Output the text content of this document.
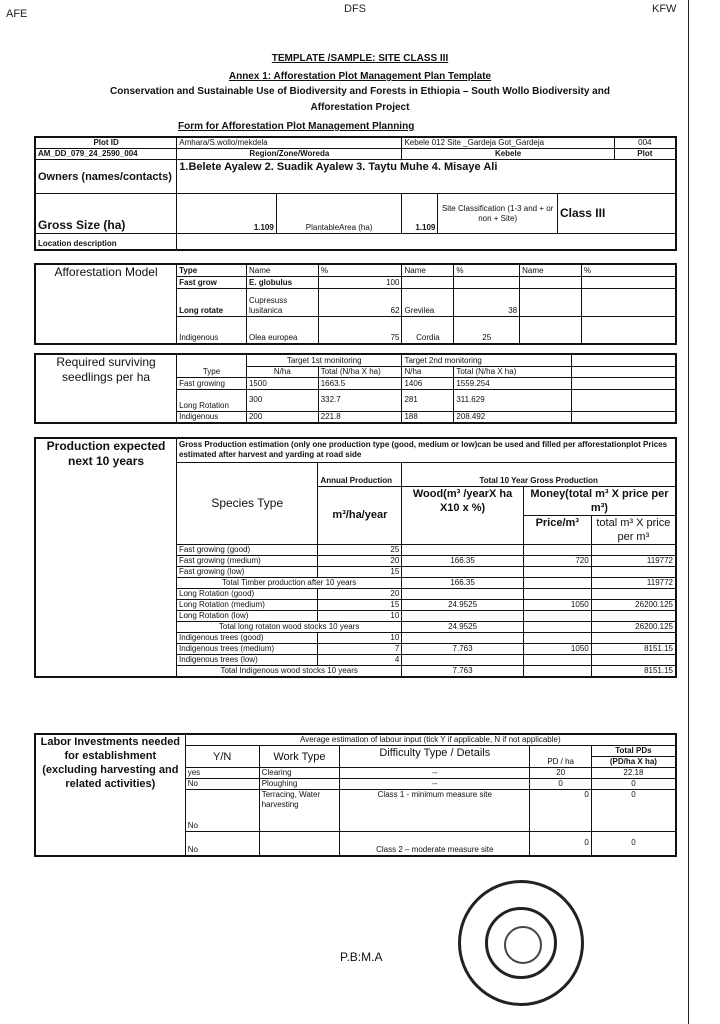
AFE	DFS	KFW
TEMPLATE /SAMPLE: SITE CLASS III
Annex 1: Afforestation Plot Management Plan Template
Conservation and Sustainable Use of Biodiversity and Forests in Ethiopia – South Wollo Biodiversity and
Afforestation Project
Form for Afforestation Plot Management Planning
Plot ID	Amhara/S.wollo/mekdela		Kebele 012 Site _Gardeja Got_Gardeja			004
AM_DD_079_24_2590_004	Region/Zone/Woreda		Kebele			Plot
Owners (names/contacts)	1.Belete Ayalew 2. Suadik Ayalew 3. Taytu Muhe 4. Misaye Ali					
Gross Size (ha)	1.109	PlantableArea (ha)	1.109	Site Classification (1-3 and + or non + Site)	Class III	
Location description						
Afforestation Model	Type	Name	%	Name	%	Name	%
	Fast grow	E. globulus	100				
	Long rotate	Cupresuss lusitanica	62	Grevilea	38		
	Indigenous	Olea europea	75	Cordia	25		
Required surviving seedlings per ha		Target 1st monitoring		Target 2nd monitoring		
	Type	N/ha	Total (N/ha X ha)	N/ha	Total (N/ha X ha)	
	Fast growing	1500	1663.5	1406	1559.254	
	Long Rotation	300	332.7	281	311.629	
	Indigenous	200	221.8	188	208.492	
Production expected next 10 years	Gross Production estimation (only one production type (good, medium or low)can be used and filled per afforestationplot Prices estimated after harvest and yarding at road side				
	Species Type	Annual Production	Total 10 Year Gross Production		
		m³/ha/year	Wood(m³ /yearX ha X10 x %)	Money(total m³ X price per m³)	
				Price/m³	total m³ X price per m³
	Fast growing (good)	25			
	Fast growing (medium)	20	166.35	720	119772
	Fast growing (low)	15			
	Total Timber production after 10 years		166.35		119772
	Long Rotation (good)	20			
	Long Rotation (medium)	15	24.9525	1050	26200.125
	Long Rotation (low)	10			
	Total long rotaton wood stocks 10 years		24.9525		26200.125
	Indigenous trees (good)	10			
	Indigenous trees (medium)	7	7.763	1050	8151.15
	Indigenous trees (low)	4			
	Total Indigenous wood stocks 10 years		7.763		8151.15
Labor Investments needed for establishment (excluding harvesting and related activities)	Average estimation of labour input (tick Y if applicable, N if not applicable)				
	Y/N	Work Type	Difficulty Type / Details	PD / ha	Total PDs
					(PD/ha X ha)
	yes	Clearing	--	20	22.18
	No	Ploughing	--	0	0
	No	Terracing, Water harvesting	Class 1 - minimum measure site	0	0
	No		Class 2 – moderate measure site	0	0
P.B:M.A
